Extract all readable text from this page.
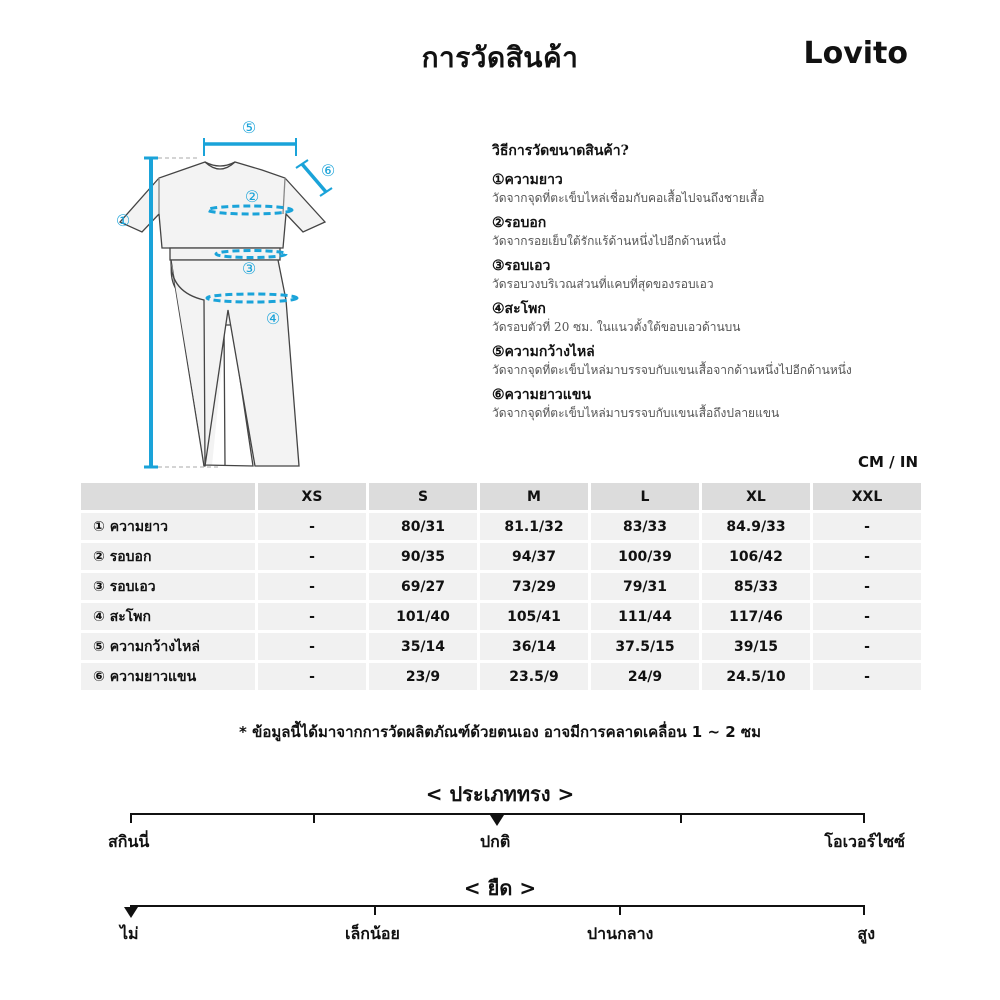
การวัดสินค้า	Lovito
①
②
③
④
⑤
⑥
วิธีการวัดขนาดสินค้า?
①ความยาว
วัดจากจุดที่ตะเข็บไหล่เชื่อมกับคอเสื้อไปจนถึงชายเสื้อ
②รอบอก
วัดจากรอยเย็บใต้รักแร้ด้านหนึ่งไปอีกด้านหนึ่ง
③รอบเอว
วัดรอบวงบริเวณส่วนที่แคบที่สุดของรอบเอว
④สะโพก
วัดรอบตัวที่ 20 ซม. ในแนวตั้งใต้ขอบเอวด้านบน
⑤ความกว้างไหล่
วัดจากจุดที่ตะเข็บไหล่มาบรรจบกับแขนเสื้อจากด้านหนึ่งไปอีกด้านหนึ่ง
⑥ความยาวแขน
วัดจากจุดที่ตะเข็บไหล่มาบรรจบกับแขนเสื้อถึงปลายแขน
CM / IN
	XS	S	M	L	XL	XXL
① ความยาว	-	80/31	81.1/32	83/33	84.9/33	-
② รอบอก	-	90/35	94/37	100/39	106/42	-
③ รอบเอว	-	69/27	73/29	79/31	85/33	-
④ สะโพก	-	101/40	105/41	111/44	117/46	-
⑤ ความกว้างไหล่	-	35/14	36/14	37.5/15	39/15	-
⑥ ความยาวแขน	-	23/9	23.5/9	24/9	24.5/10	-
* ข้อมูลนี้ได้มาจากการวัดผลิตภัณฑ์ด้วยตนเอง อาจมีการคลาดเคลื่อน 1 ~ 2 ซม
< ประเภททรง >
สกินนี่	ปกติ	โอเวอร์ไซซ์
< ยืด >
ไม่	เล็กน้อย	ปานกลาง	สูง
